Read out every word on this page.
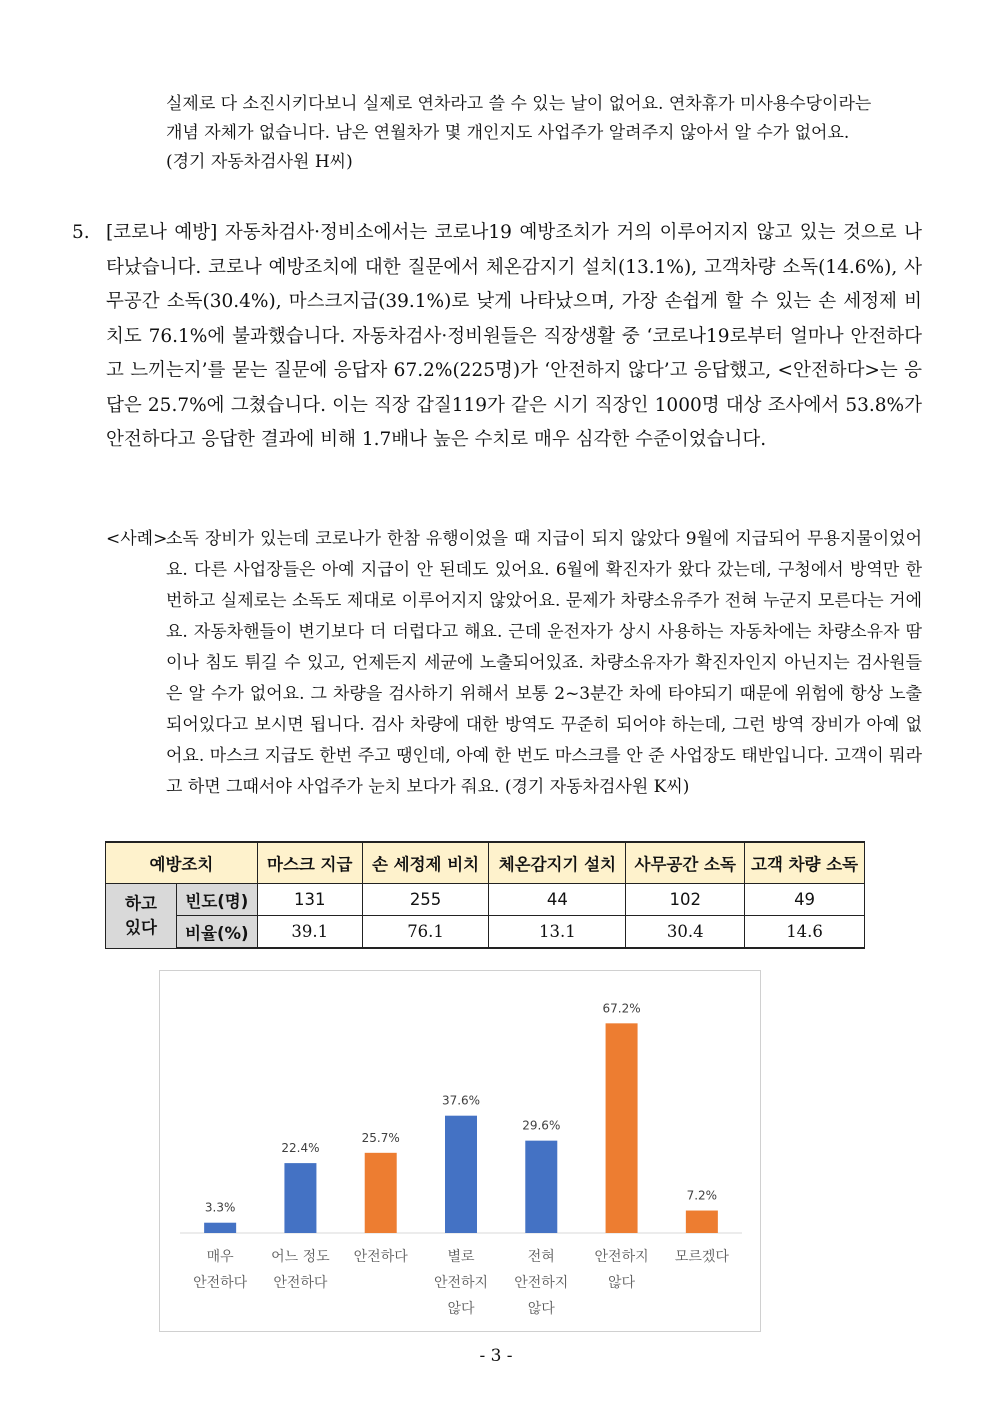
실제로 다 소진시키다보니 실제로 연차라고 쓸 수 있는 날이 없어요. 연차휴가 미사용수당이라는

개념 자체가 없습니다. 남은 연월차가 몇 개인지도 사업주가 알려주지 않아서 알 수가 없어요.

(경기 자동차검사원 H씨)

5. [코로나 예방] 자동차검사·정비소에서는 코로나19 예방조치가 거의 이루어지지 않고 있는 것으로 나타났습니다. 코로나 예방조치에 대한 질문에서 체온감지기 설치(13.1%), 고객차량 소독(14.6%), 사무공간 소독(30.4%), 마스크지급(39.1%)로 낮게 나타났으며, 가장 손쉽게 할 수 있는 손 세정제 비치도 76.1%에 불과했습니다. 자동차검사·정비원들은 직장생활 중 ‘코로나19로부터 얼마나 안전하다고 느끼는지’를 묻는 질문에 응답자 67.2%(225명)가 ‘안전하지 않다’고 응답했고, <안전하다>는 응답은 25.7%에 그쳤습니다. 이는 직장 갑질119가 같은 시기 직장인 1000명 대상 조사에서 53.8%가 안전하다고 응답한 결과에 비해 1.7배나 높은 수치로 매우 심각한 수준이었습니다.
<사례>
소독 장비가 있는데 코로나가 한참 유행이었을 때 지급이 되지 않았다 9월에 지급되어 무용지물이었어요. 다른 사업장들은 아예 지급이 안 된데도 있어요. 6월에 확진자가 왔다 갔는데, 구청에서 방역만 한 번하고 실제로는 소독도 제대로 이루어지지 않았어요. 문제가 차량소유주가 전혀 누군지 모른다는 거에요. 자동차핸들이 변기보다 더 더럽다고 해요. 근데 운전자가 상시 사용하는 자동차에는 차량소유자 땀이나 침도 튀길 수 있고, 언제든지 세균에 노출되어있죠. 차량소유자가 확진자인지 아닌지는 검사원들은 알 수가 없어요. 그 차량을 검사하기 위해서 보통 2~3분간 차에 타야되기 때문에 위험에 항상 노출되어있다고 보시면 됩니다. 검사 차량에 대한 방역도 꾸준히 되어야 하는데, 그런 방역 장비가 아예 없어요. 마스크 지급도 한번 주고 땡인데, 아예 한 번도 마스크를 안 준 사업장도 태반입니다. 고객이 뭐라고 하면 그때서야 사업주가 눈치 보다가 줘요. (경기 자동차검사원 K씨)
예방조치		마스크 지급	손 세정제 비치	체온감지기 설치	사무공간 소독	고객 차량 소독
하고
있다	빈도(명)	131	255	44	102	49
	비율(%)	39.1	76.1	13.1	30.4	14.6
3.3%
매우
안전하다
22.4%
어느 정도
안전하다
25.7%
안전하다
37.6%
별로
안전하지
않다
29.6%
전혀
안전하지
않다
67.2%
안전하지
않다
7.2%
모르겠다
- 3 -
